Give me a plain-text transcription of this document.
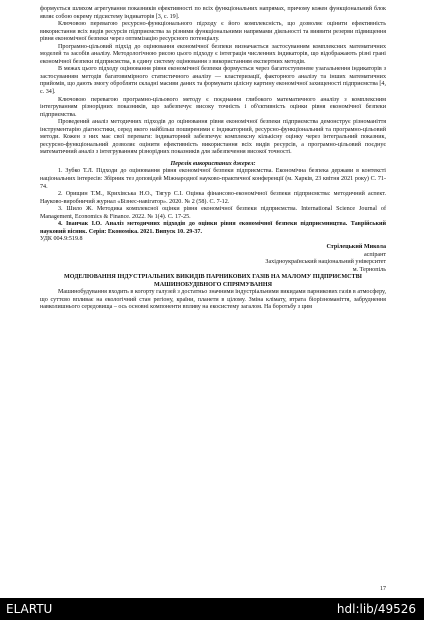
формується шляхом агрегування показників ефективності по всіх функціональних напрямах, причому кожен функціональний блок являє собою окрему підсистему індикаторів [3, с. 19].

Ключовою перевагою ресурсно-функціонального підходу є його комплексність, що дозволяє оцінити ефективність використання всіх видів ресурсів підприємства за різними функціональними напрямами діяльності та виявити резерви підвищення рівня економічної безпеки через оптимізацію ресурсного потенціалу.

Програмно-цільовий підхід до оцінювання економічної безпеки визначається застосуванням комплексних математичних моделей та засобів аналізу. Методологічною рисою цього підходу є інтеграція численних індикаторів, що відображають різні грані економічної безпеки підприємства, в єдину систему оцінювання з використанням експертних методів.

В межах цього підходу оцінювання рівня економічної безпеки формується через багатоступеневе узагальнення індикаторів з застосуванням методів багатовимірного статистичного аналізу — кластеризації, факторного аналізу та інших математичних прийомів, що дають змогу обробляти складні масиви даних та формувати цілісну картину економічної захищеності підприємства [4, с. 34].

Ключовою перевагою програмно-цільового методу є поєднання глибокого математичного аналізу з комплексним інтегруванням різнорідних показників, що забезпечує високу точність і об'єктивність оцінки рівня економічної безпеки підприємства.

Проведений аналіз методичних підходів до оцінювання рівня економічної безпеки підприємства демонструє різноманіття інструментарію діагностики, серед якого найбільш поширеними є індикаторний, ресурсно-функціональний та програмно-цільовий методи. Кожен з них має свої переваги: індикаторний забезпечує комплексну кількісну оцінку через інтегральний показник, ресурсно-функціональний дозволяє оцінити ефективність використання всіх видів ресурсів, а програмно-цільовий поєднує математичний аналіз з інтегруванням різнорідних показників для забезпечення високої точності.

Перелік використаних джерел:

1. Зубко Т.Л. Підходи до оцінювання рівня економічної безпеки підприємства. Економічна безпека держави в контексті національних інтересів: Збірник тез доповідей Міжнародної науково-практичної конференції (м. Харків, 23 квітня 2021 року) С. 71-74.

2. Орищин Т.М., Крихівська Н.О., Тягур С.І. Оцінка фінансово-економічної безпеки підприємства: методичний аспект. Науково-виробничий журнал «Бізнес-навігатор». 2020. № 2 (58). С. 7-12.

3. Шило Ж. Методика комплексної оцінки рівня економічної безпеки підприємства. International Science Journal of Management, Economics & Finance. 2022. № 1(4). С. 17-25.

4. Іванчак І.О. Аналіз методичних підходів до оцінки рівня економічної безпеки підприємництва. Таврійський науковий вісник. Серія: Економіка. 2021. Випуск 10. 29-37.

УДК 004.9:519.8

Стрілецький Микола

аспірант

Західноукраїнський національний університет

м. Тернопіль

МОДЕЛЮВАННЯ ІНДУСТРІАЛЬНИХ ВИКИДІВ ПАРНИКОВИХ ГАЗІВ НА МАЛОМУ ПІДПРИЄМСТВІ МАШИНОБУДІВНОГО СПРЯМУВАННЯ

Машинобудування входить в когорту галузей з достатньо значними індустріальними викидами парникових газів в атмосферу, що суттєво впливає на екологічний стан регіону, країни, планети в цілому. Зміна клімату, втрата біорізноманіття, забруднення навколишнього середовища – ось основні компоненти впливу на екосистему загалом. На боротьбу з цим

17
ELARTU	hdl:lib/49526
